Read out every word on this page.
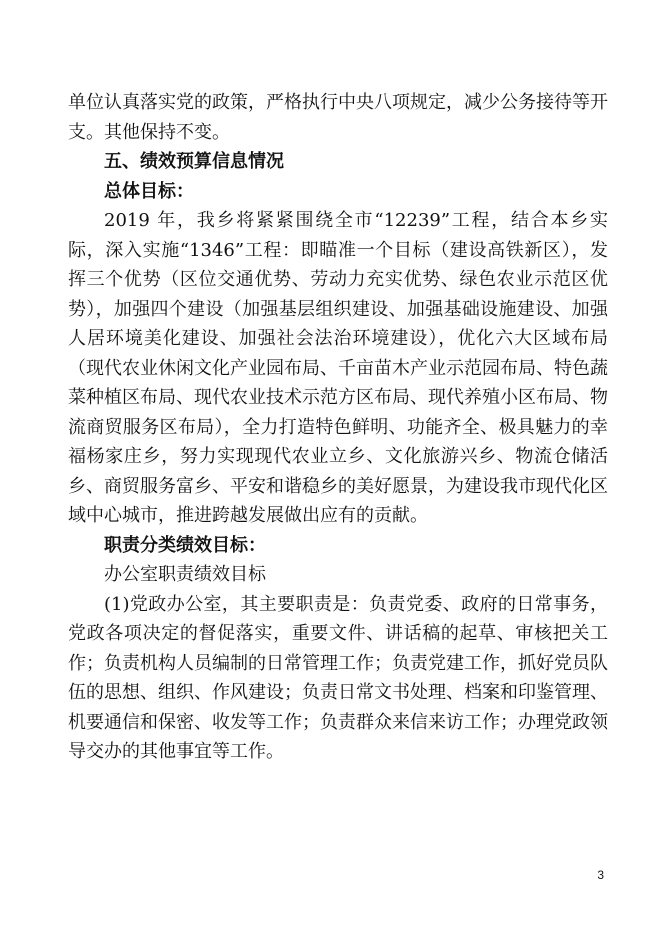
单位认真落实党的政策，严格执行中央八项规定，减少公务接待等开支。其他保持不变。

五、绩效预算信息情况

总体目标：

2019 年，我乡将紧紧围绕全市“12239”工程，结合本乡实际，深入实施“1346”工程：即瞄准一个目标（建设高铁新区），发挥三个优势（区位交通优势、劳动力充实优势、绿色农业示范区优势），加强四个建设（加强基层组织建设、加强基础设施建设、加强人居环境美化建设、加强社会法治环境建设），优化六大区域布局（现代农业休闲文化产业园布局、千亩苗木产业示范园布局、特色蔬菜种植区布局、现代农业技术示范方区布局、现代养殖小区布局、物流商贸服务区布局），全力打造特色鲜明、功能齐全、极具魅力的幸福杨家庄乡，努力实现现代农业立乡、文化旅游兴乡、物流仓储活乡、商贸服务富乡、平安和谐稳乡的美好愿景，为建设我市现代化区域中心城市，推进跨越发展做出应有的贡献。

职责分类绩效目标：

办公室职责绩效目标

(1)党政办公室，其主要职责是：负责党委、政府的日常事务，党政各项决定的督促落实，重要文件、讲话稿的起草、审核把关工作；负责机构人员编制的日常管理工作；负责党建工作，抓好党员队伍的思想、组织、作风建设；负责日常文书处理、档案和印鉴管理、机要通信和保密、收发等工作；负责群众来信来访工作；办理党政领导交办的其他事宜等工作。

3
